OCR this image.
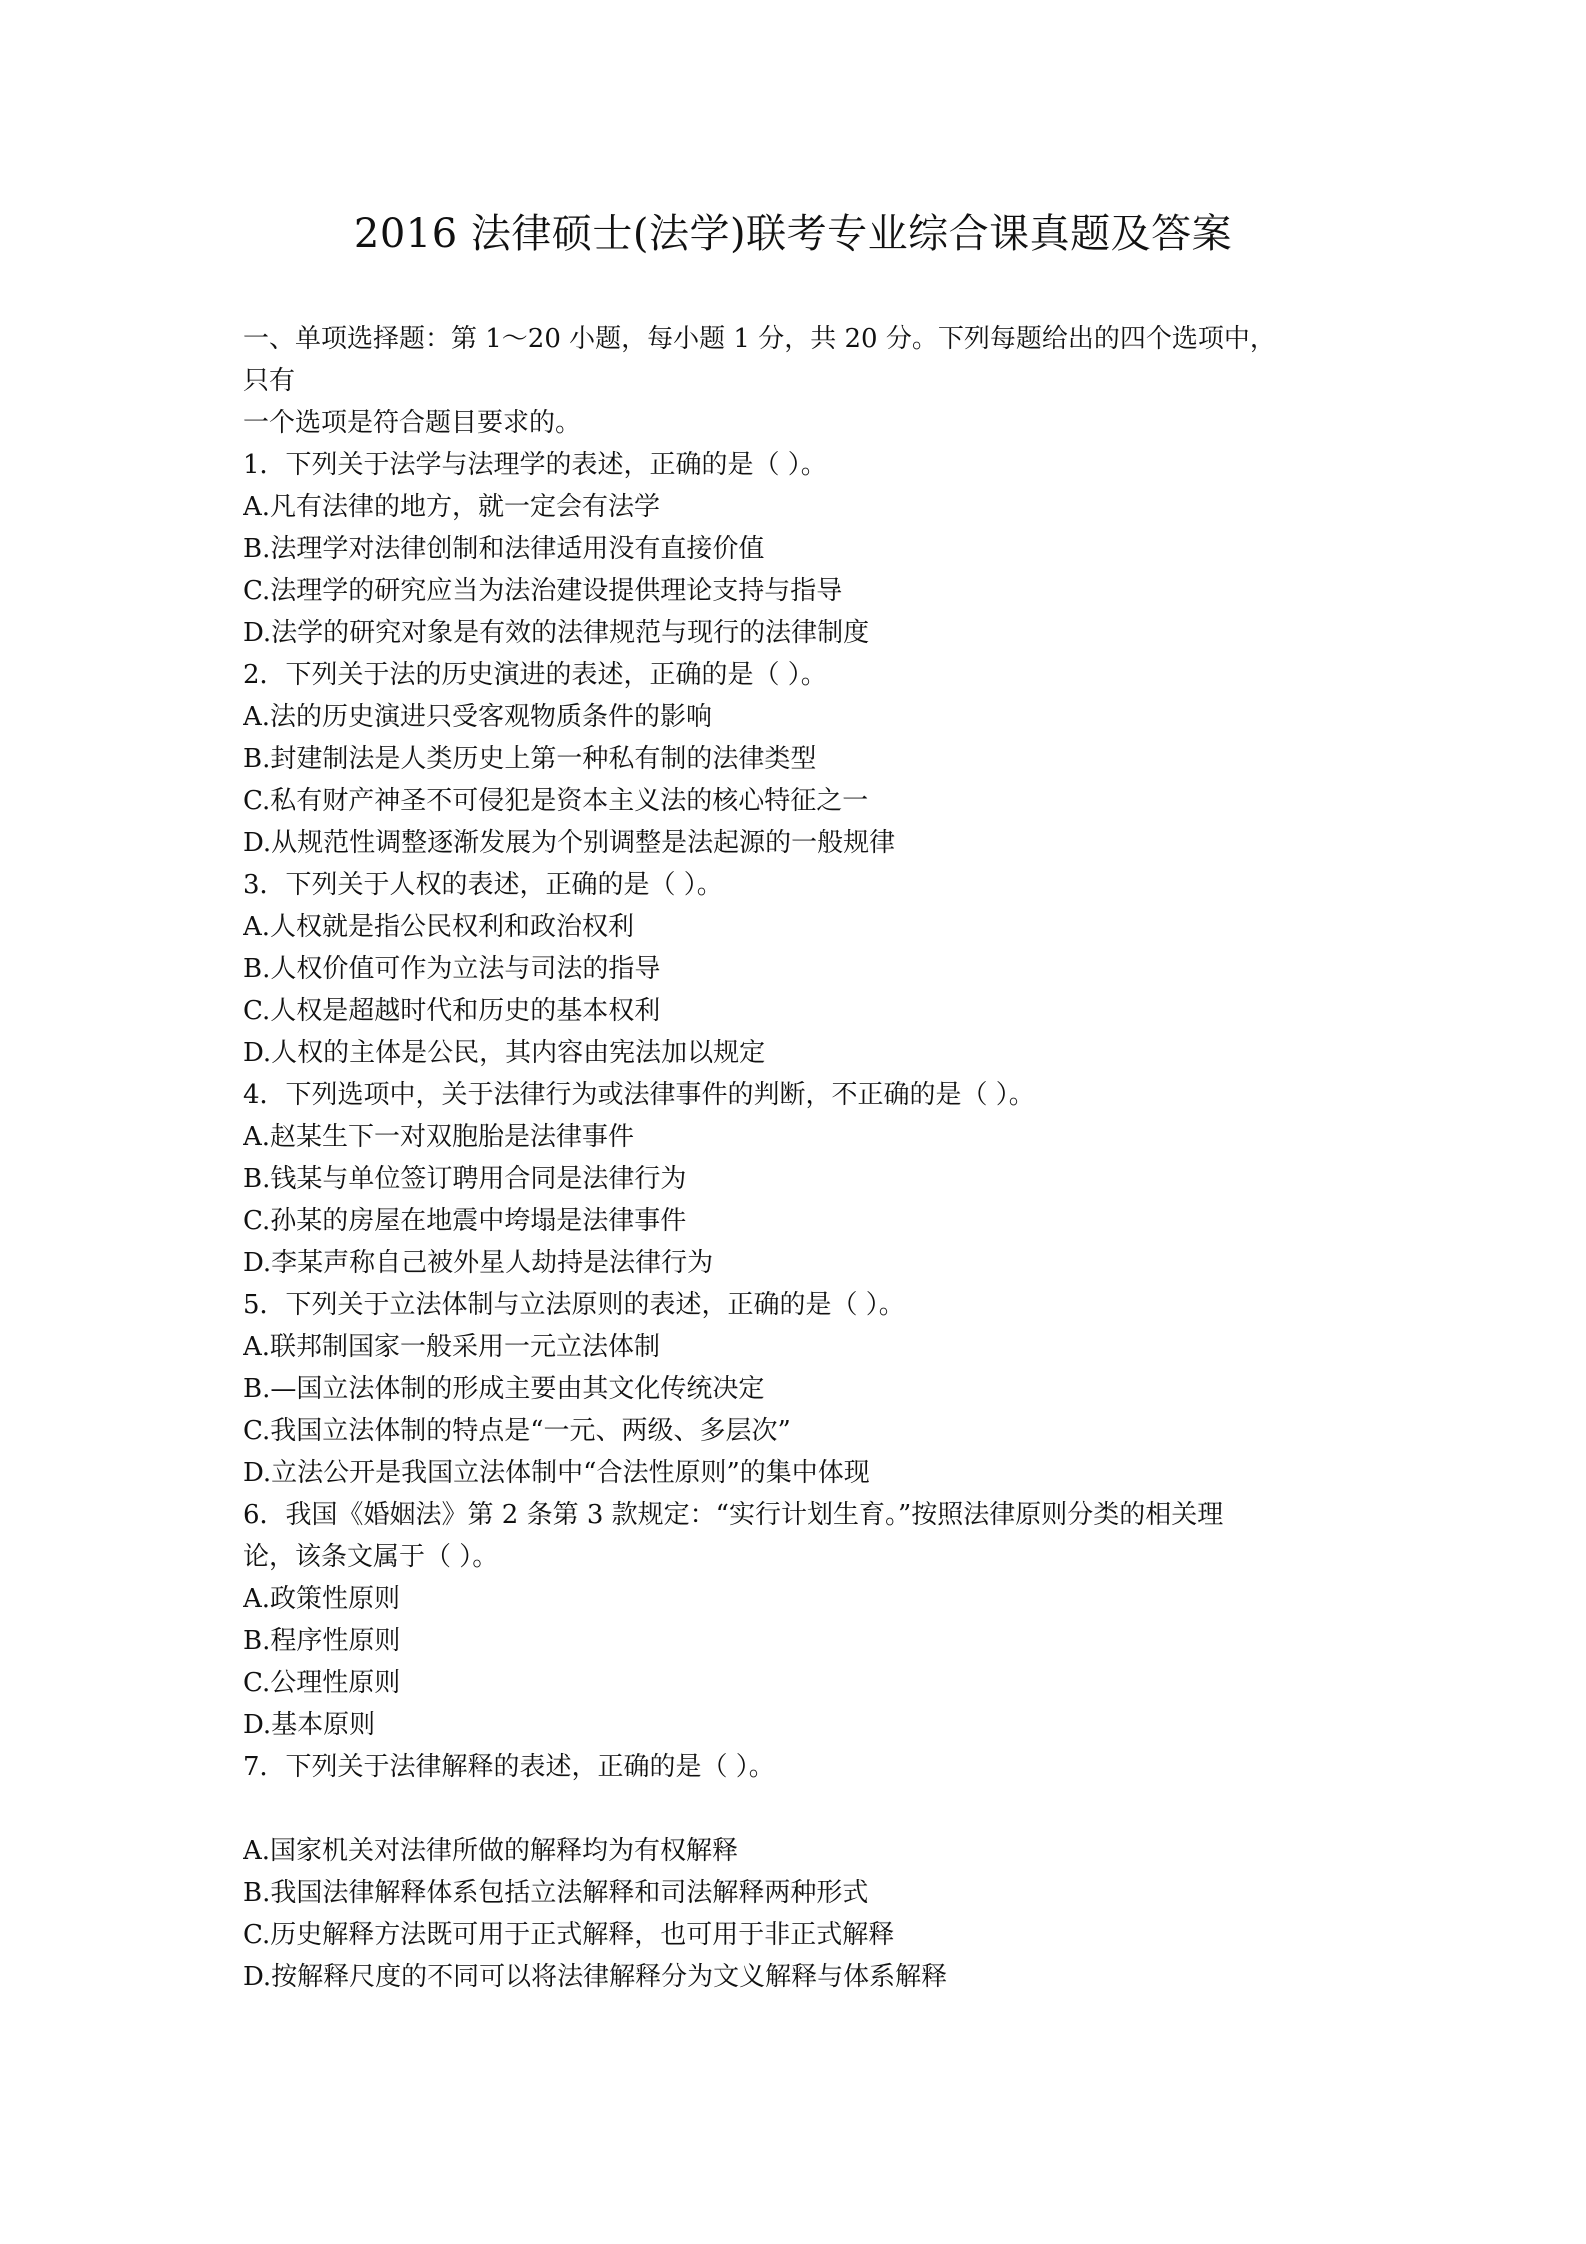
2016 法律硕士(法学)联考专业综合课真题及答案
一、单项选择题：第 1～20 小题，每小题 1 分，共 20 分。下列每题给出的四个选项中，
只有
一个选项是符合题目要求的。
1．下列关于法学与法理学的表述，正确的是（ ）。
A.凡有法律的地方，就一定会有法学
B.法理学对法律创制和法律适用没有直接价值
C.法理学的研究应当为法治建设提供理论支持与指导
D.法学的研究对象是有效的法律规范与现行的法律制度
2．下列关于法的历史演进的表述，正确的是（ ）。
A.法的历史演进只受客观物质条件的影响
B.封建制法是人类历史上第一种私有制的法律类型
C.私有财产神圣不可侵犯是资本主义法的核心特征之一
D.从规范性调整逐渐发展为个别调整是法起源的一般规律
3．下列关于人权的表述，正确的是（ ）。
A.人权就是指公民权利和政治权利
B.人权价值可作为立法与司法的指导
C.人权是超越时代和历史的基本权利
D.人权的主体是公民，其内容由宪法加以规定
4．下列选项中，关于法律行为或法律事件的判断，不正确的是（ ）。
A.赵某生下一对双胞胎是法律事件
B.钱某与单位签订聘用合同是法律行为
C.孙某的房屋在地震中垮塌是法律事件
D.李某声称自己被外星人劫持是法律行为
5．下列关于立法体制与立法原则的表述，正确的是（ ）。
A.联邦制国家一般采用一元立法体制
B.—国立法体制的形成主要由其文化传统决定
C.我国立法体制的特点是“一元、两级、多层次”
D.立法公开是我国立法体制中“合法性原则”的集中体现
6．我国《婚姻法》第 2 条第 3 款规定：“实行计划生育。”按照法律原则分类的相关理
论，该条文属于（ ）。
A.政策性原则
B.程序性原则
C.公理性原则
D.基本原则
7．下列关于法律解释的表述，正确的是（ ）。
A.国家机关对法律所做的解释均为有权解释
B.我国法律解释体系包括立法解释和司法解释两种形式
C.历史解释方法既可用于正式解释，也可用于非正式解释
D.按解释尺度的不同可以将法律解释分为文义解释与体系解释
